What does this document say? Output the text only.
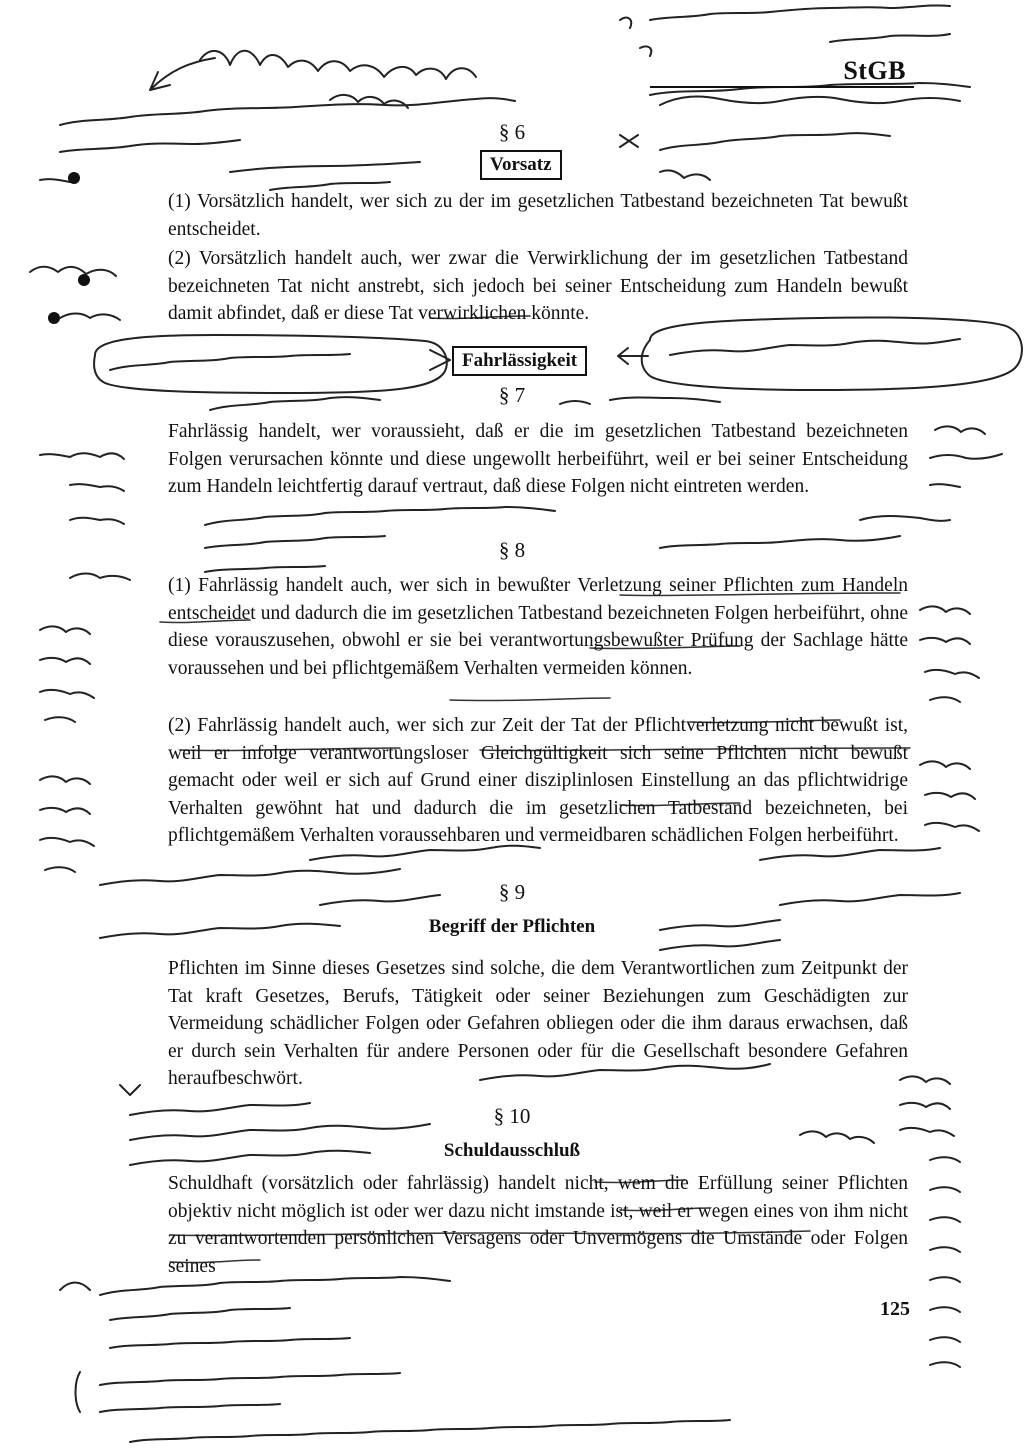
StGB
§ 6
Vorsatz

(1) Vorsätzlich handelt, wer sich zu der im gesetzlichen Tatbestand bezeichneten Tat bewußt entscheidet.

(2) Vorsätzlich handelt auch, wer zwar die Verwirklichung der im gesetzlichen Tatbestand bezeichneten Tat nicht anstrebt, sich jedoch bei seiner Entscheidung zum Handeln bewußt damit abfindet, daß er diese Tat verwirklichen könnte.

Fahrlässigkeit
§ 7

Fahrlässig handelt, wer voraussieht, daß er die im gesetzlichen Tatbestand bezeichneten Folgen verursachen könnte und diese ungewollt herbeiführt, weil er bei seiner Entscheidung zum Handeln leichtfertig darauf vertraut, daß diese Folgen nicht eintreten werden.

§ 8

(1) Fahrlässig handelt auch, wer sich in bewußter Verletzung seiner Pflichten zum Handeln entscheidet und dadurch die im gesetzlichen Tatbestand bezeichneten Folgen herbeiführt, ohne diese vorauszusehen, obwohl er sie bei verantwortungsbewußter Prüfung der Sachlage hätte voraussehen und bei pflichtgemäßem Verhalten vermeiden können.

(2) Fahrlässig handelt auch, wer sich zur Zeit der Tat der Pflichtverletzung nicht bewußt ist, weil er infolge verantwortungsloser Gleichgültigkeit sich seine Pflichten nicht bewußt gemacht oder weil er sich auf Grund einer disziplinlosen Einstellung an das pflichtwidrige Verhalten gewöhnt hat und dadurch die im gesetzlichen Tatbestand bezeichneten, bei pflichtgemäßem Verhalten voraussehbaren und vermeidbaren schädlichen Folgen herbeiführt.

§ 9
Begriff der Pflichten

Pflichten im Sinne dieses Gesetzes sind solche, die dem Verantwortlichen zum Zeitpunkt der Tat kraft Gesetzes, Berufs, Tätigkeit oder seiner Beziehungen zum Geschädigten zur Vermeidung schädlicher Folgen oder Gefahren obliegen oder die ihm daraus erwachsen, daß er durch sein Verhalten für andere Personen oder für die Gesellschaft besondere Gefahren heraufbeschwört.

§ 10
Schuldausschluß

Schuldhaft (vorsätzlich oder fahrlässig) handelt nicht, wem die Erfüllung seiner Pflichten objektiv nicht möglich ist oder wer dazu nicht imstande ist, weil er wegen eines von ihm nicht zu verantwortenden persönlichen Versagens oder Unvermögens die Umstände oder Folgen seines

125
